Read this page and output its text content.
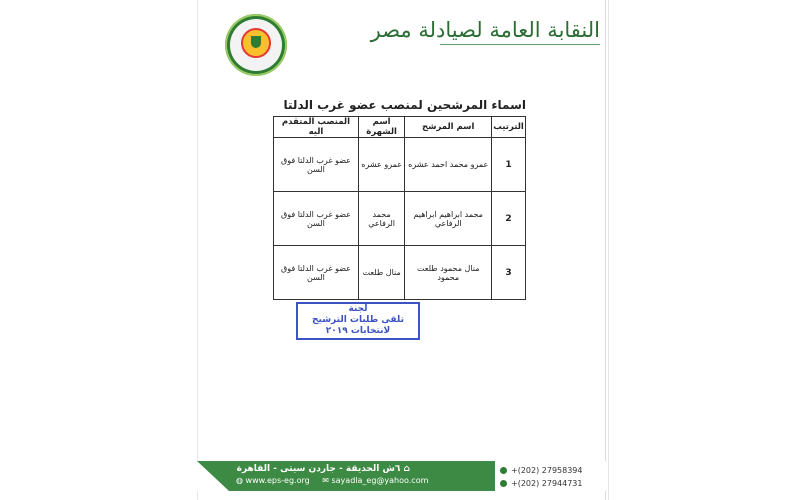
النقابة العامة لصيادلة مصر
اسماء المرشحين لمنصب عضو غرب الدلتا
الترتيب	اسم المرشح	اسم الشهرة	المنصب المتقدم اليه
1	عمرو محمد احمد عشره	عمرو عشره	عضو غرب الدلتا فوق السن
2	محمد ابراهيم ابراهيم الرفاعي	محمد الرفاعي	عضو غرب الدلتا فوق السن
3	منال محمود طلعت محمود	منال طلعت	عضو غرب الدلتا فوق السن
لجنة
تلقى طلبات الترشيح
لانتخابات ٢٠١٩
⌂ ٦ش الحديقة - جاردن سيتى - القاهرة
◍ www.eps-eg.org ✉ sayadla_eg@yahoo.com
+(202) 27958394
+(202) 27944731
